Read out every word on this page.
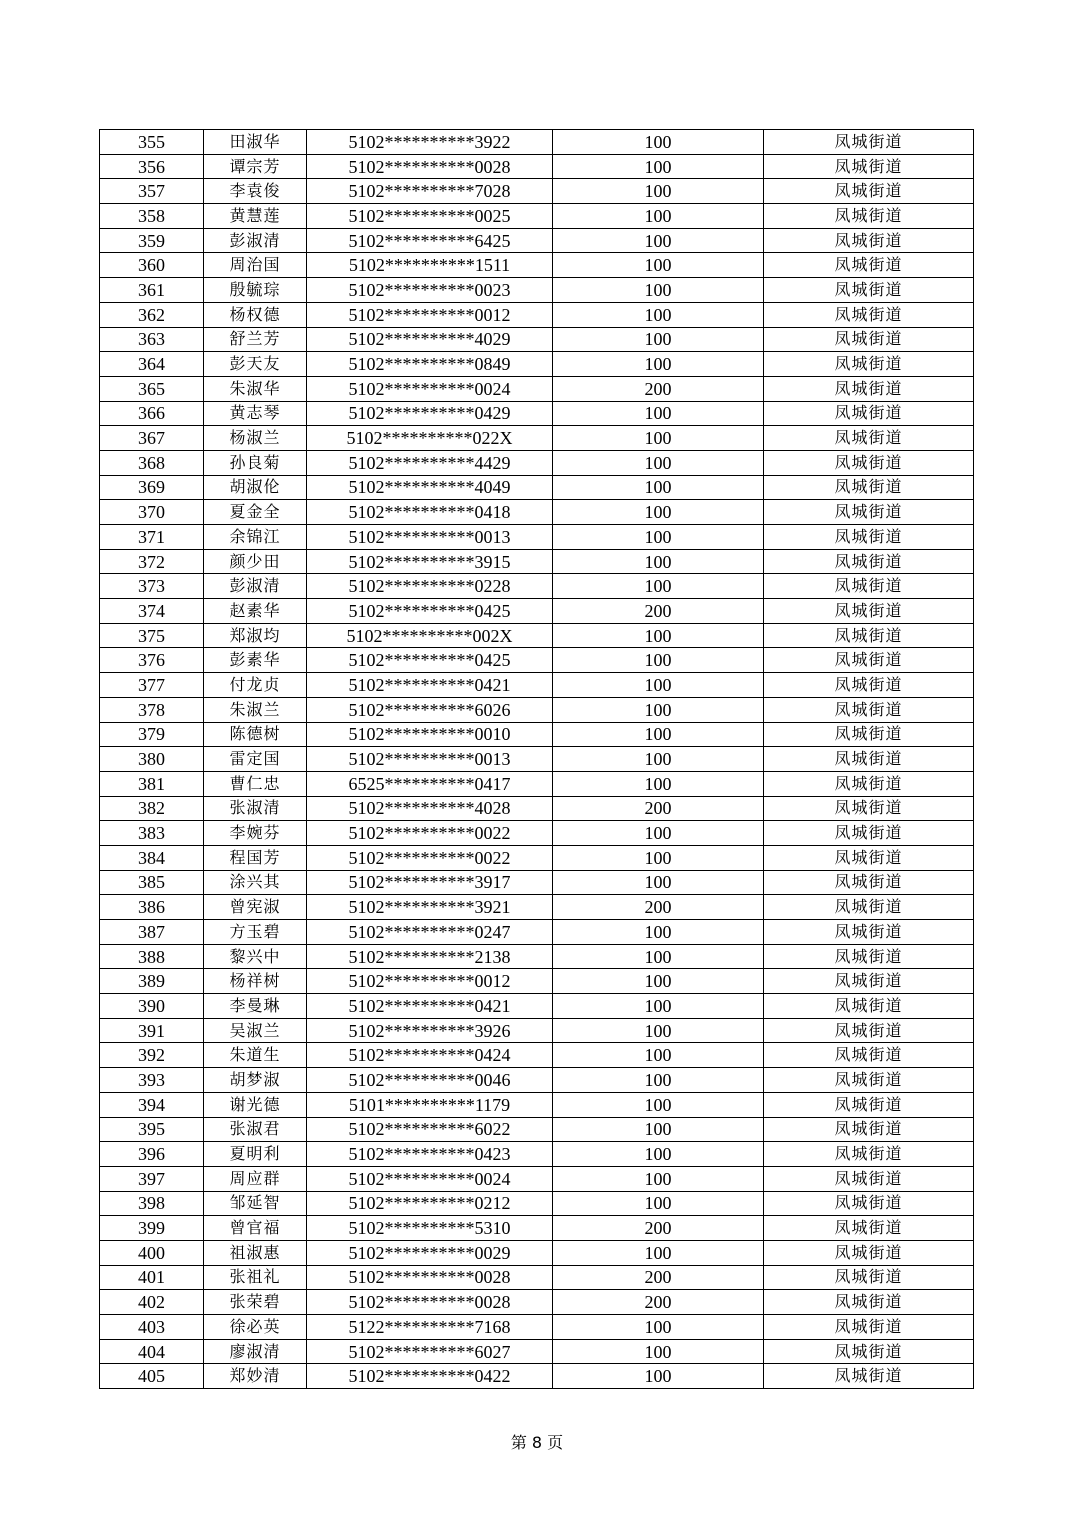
355	田淑华	5102**********3922	100	凤城街道
356	谭宗芳	5102**********0028	100	凤城街道
357	李袁俊	5102**********7028	100	凤城街道
358	黄慧莲	5102**********0025	100	凤城街道
359	彭淑清	5102**********6425	100	凤城街道
360	周治国	5102**********1511	100	凤城街道
361	殷毓琮	5102**********0023	100	凤城街道
362	杨权德	5102**********0012	100	凤城街道
363	舒兰芳	5102**********4029	100	凤城街道
364	彭天友	5102**********0849	100	凤城街道
365	朱淑华	5102**********0024	200	凤城街道
366	黄志琴	5102**********0429	100	凤城街道
367	杨淑兰	5102**********022X	100	凤城街道
368	孙良菊	5102**********4429	100	凤城街道
369	胡淑伦	5102**********4049	100	凤城街道
370	夏金全	5102**********0418	100	凤城街道
371	余锦江	5102**********0013	100	凤城街道
372	颜少田	5102**********3915	100	凤城街道
373	彭淑清	5102**********0228	100	凤城街道
374	赵素华	5102**********0425	200	凤城街道
375	郑淑均	5102**********002X	100	凤城街道
376	彭素华	5102**********0425	100	凤城街道
377	付龙贞	5102**********0421	100	凤城街道
378	朱淑兰	5102**********6026	100	凤城街道
379	陈德树	5102**********0010	100	凤城街道
380	雷定国	5102**********0013	100	凤城街道
381	曹仁忠	6525**********0417	100	凤城街道
382	张淑清	5102**********4028	200	凤城街道
383	李婉芬	5102**********0022	100	凤城街道
384	程国芳	5102**********0022	100	凤城街道
385	涂兴其	5102**********3917	100	凤城街道
386	曾宪淑	5102**********3921	200	凤城街道
387	方玉碧	5102**********0247	100	凤城街道
388	黎兴中	5102**********2138	100	凤城街道
389	杨祥树	5102**********0012	100	凤城街道
390	李曼琳	5102**********0421	100	凤城街道
391	吴淑兰	5102**********3926	100	凤城街道
392	朱道生	5102**********0424	100	凤城街道
393	胡梦淑	5102**********0046	100	凤城街道
394	谢光德	5101**********1179	100	凤城街道
395	张淑君	5102**********6022	100	凤城街道
396	夏明利	5102**********0423	100	凤城街道
397	周应群	5102**********0024	100	凤城街道
398	邹延智	5102**********0212	100	凤城街道
399	曾官福	5102**********5310	200	凤城街道
400	祖淑惠	5102**********0029	100	凤城街道
401	张祖礼	5102**********0028	200	凤城街道
402	张荣碧	5102**********0028	200	凤城街道
403	徐必英	5122**********7168	100	凤城街道
404	廖淑清	5102**********6027	100	凤城街道
405	郑妙清	5102**********0422	100	凤城街道
第 8 页
